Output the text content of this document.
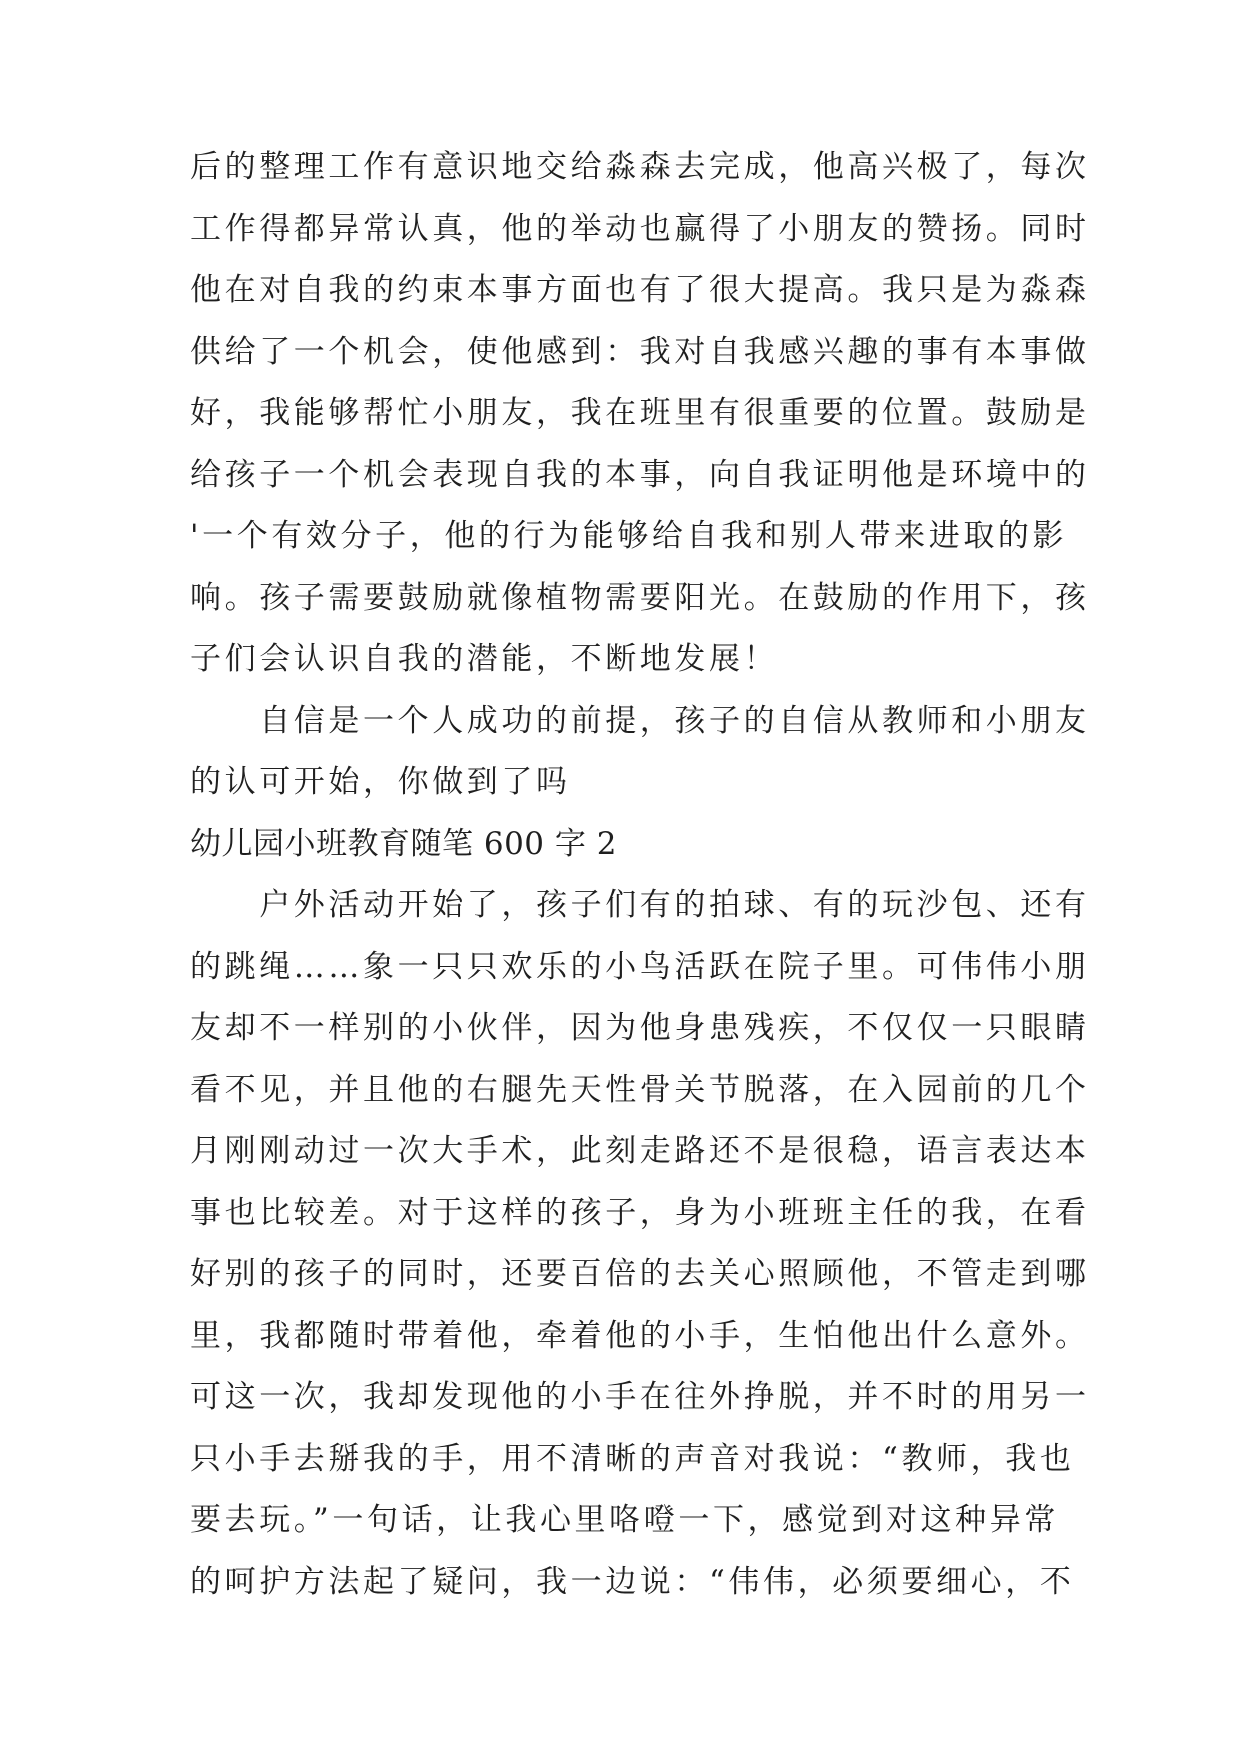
后的整理工作有意识地交给淼森去完成，他高兴极了，每次
工作得都异常认真，他的举动也赢得了小朋友的赞扬。同时
他在对自我的约束本事方面也有了很大提高。我只是为淼森
供给了一个机会，使他感到：我对自我感兴趣的事有本事做
好，我能够帮忙小朋友，我在班里有很重要的位置。鼓励是
给孩子一个机会表现自我的本事，向自我证明他是环境中的
'一个有效分子，他的行为能够给自我和别人带来进取的影
响。孩子需要鼓励就像植物需要阳光。在鼓励的作用下，孩
子们会认识自我的潜能，不断地发展！
　　自信是一个人成功的前提，孩子的自信从教师和小朋友
的认可开始，你做到了吗
幼儿园小班教育随笔 600 字 2
　　户外活动开始了，孩子们有的拍球、有的玩沙包、还有
的跳绳……象一只只欢乐的小鸟活跃在院子里。可伟伟小朋
友却不一样别的小伙伴，因为他身患残疾，不仅仅一只眼睛
看不见，并且他的右腿先天性骨关节脱落，在入园前的几个
月刚刚动过一次大手术，此刻走路还不是很稳，语言表达本
事也比较差。对于这样的孩子，身为小班班主任的我，在看
好别的孩子的同时，还要百倍的去关心照顾他，不管走到哪
里，我都随时带着他，牵着他的小手，生怕他出什么意外。
可这一次，我却发现他的小手在往外挣脱，并不时的用另一
只小手去掰我的手，用不清晰的声音对我说：“教师，我也
要去玩。”一句话，让我心里咯噔一下，感觉到对这种异常
的呵护方法起了疑问，我一边说：“伟伟，必须要细心，不
